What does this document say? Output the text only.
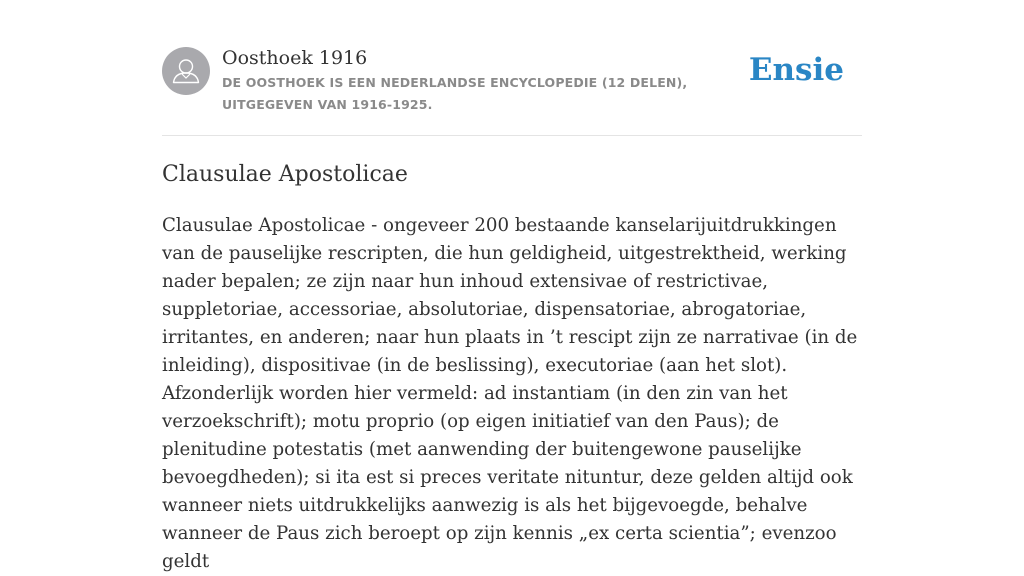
Oosthoek 1916
DE OOSTHOEK IS EEN NEDERLANDSE ENCYCLOPEDIE (12 DELEN), UITGEGEVEN VAN 1916-1925.
Ensie
Clausulae Apostolicae

Clausulae Apostolicae - ongeveer 200 bestaande kanselarijuitdrukkingen van de pauselijke rescripten, die hun geldigheid, uitgestrektheid, werking nader bepalen; ze zijn naar hun inhoud extensivae of restrictivae, suppletoriae, accessoriae, absolutoriae, dispensatoriae, abrogatoriae, irritantes, en anderen; naar hun plaats in ’t rescipt zijn ze narrativae (in de inleiding), dispositivae (in de beslissing), executoriae (aan het slot). Afzonderlijk worden hier vermeld: ad instantiam (in den zin van het verzoekschrift); motu proprio (op eigen initiatief van den Paus); de plenitudine potestatis (met aanwending der buitengewone pauselijke bevoegdheden); si ita est si preces veritate nituntur, deze gelden altijd ook wanneer niets uitdrukkelijks aanwezig is als het bijgevoegde, behalve wanneer de Paus zich beroept op zijn kennis „ex certa scientia”; evenzoo geldt
